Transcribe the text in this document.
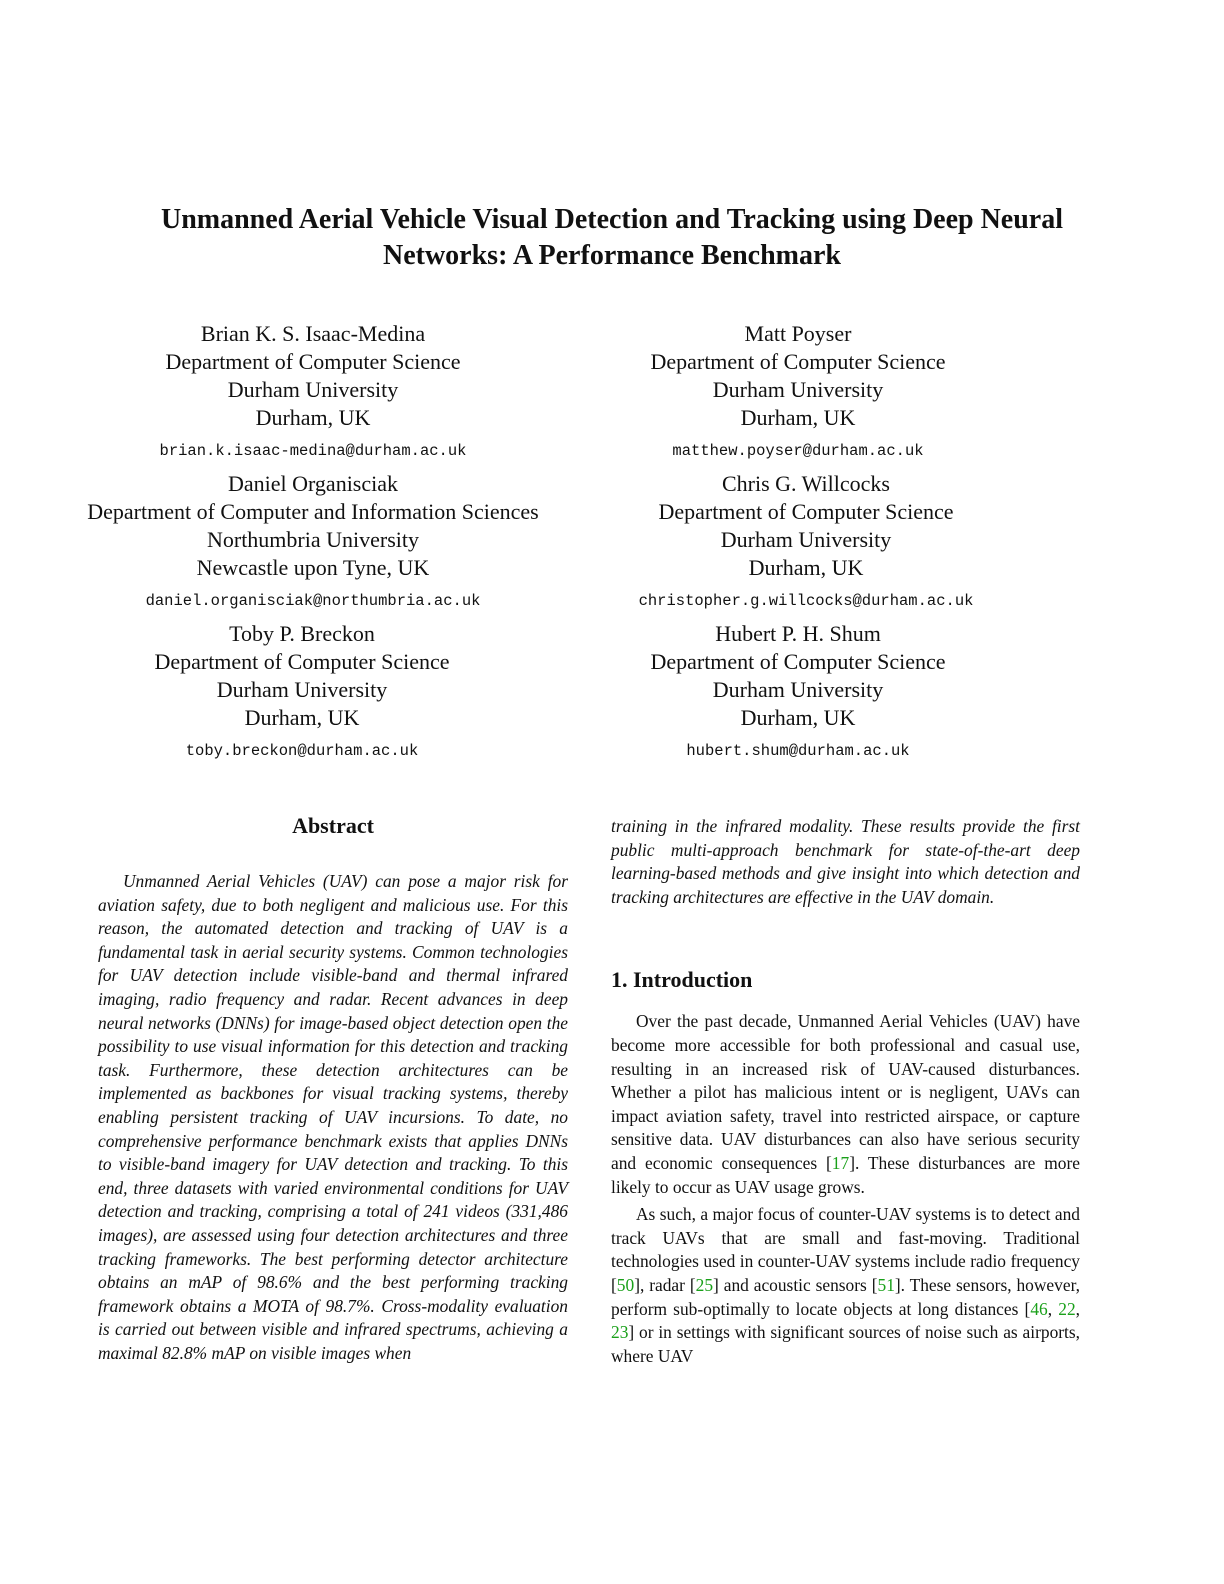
Unmanned Aerial Vehicle Visual Detection and Tracking using Deep Neural
Networks: A Performance Benchmark
Brian K. S. Isaac-Medina
Department of Computer Science
Durham University
Durham, UK
brian.k.isaac-medina@durham.ac.uk
Matt Poyser
Department of Computer Science
Durham University
Durham, UK
matthew.poyser@durham.ac.uk
Daniel Organisciak
Department of Computer and Information Sciences
Northumbria University
Newcastle upon Tyne, UK
daniel.organisciak@northumbria.ac.uk
Chris G. Willcocks
Department of Computer Science
Durham University
Durham, UK
christopher.g.willcocks@durham.ac.uk
Toby P. Breckon
Department of Computer Science
Durham University
Durham, UK
toby.breckon@durham.ac.uk
Hubert P. H. Shum
Department of Computer Science
Durham University
Durham, UK
hubert.shum@durham.ac.uk
Abstract

Unmanned Aerial Vehicles (UAV) can pose a major risk for aviation safety, due to both negligent and malicious use. For this reason, the automated detection and tracking of UAV is a fundamental task in aerial security systems. Common technologies for UAV detection include visible-band and thermal infrared imaging, radio frequency and radar. Recent advances in deep neural networks (DNNs) for image-based object detection open the possibility to use visual information for this detection and tracking task. Furthermore, these detection architectures can be implemented as backbones for visual tracking systems, thereby enabling persistent tracking of UAV incursions. To date, no comprehensive performance benchmark exists that applies DNNs to visible-band imagery for UAV detection and tracking. To this end, three datasets with varied environmental conditions for UAV detection and tracking, comprising a total of 241 videos (331,486 images), are assessed using four detection architectures and three tracking frameworks. The best performing detector architecture obtains an mAP of 98.6% and the best performing tracking framework obtains a MOTA of 98.7%. Cross-modality evaluation is carried out between visible and infrared spectrums, achieving a maximal 82.8% mAP on visible images when

training in the infrared modality. These results provide the first public multi-approach benchmark for state-of-the-art deep learning-based methods and give insight into which detection and tracking architectures are effective in the UAV domain.

1. Introduction

Over the past decade, Unmanned Aerial Vehicles (UAV) have become more accessible for both professional and casual use, resulting in an increased risk of UAV-caused disturbances. Whether a pilot has malicious intent or is negligent, UAVs can impact aviation safety, travel into restricted airspace, or capture sensitive data. UAV disturbances can also have serious security and economic consequences [17]. These disturbances are more likely to occur as UAV usage grows.

As such, a major focus of counter-UAV systems is to detect and track UAVs that are small and fast-moving. Traditional technologies used in counter-UAV systems include radio frequency [50], radar [25] and acoustic sensors [51]. These sensors, however, perform sub-optimally to locate objects at long distances [46, 22, 23] or in settings with significant sources of noise such as airports, where UAV
